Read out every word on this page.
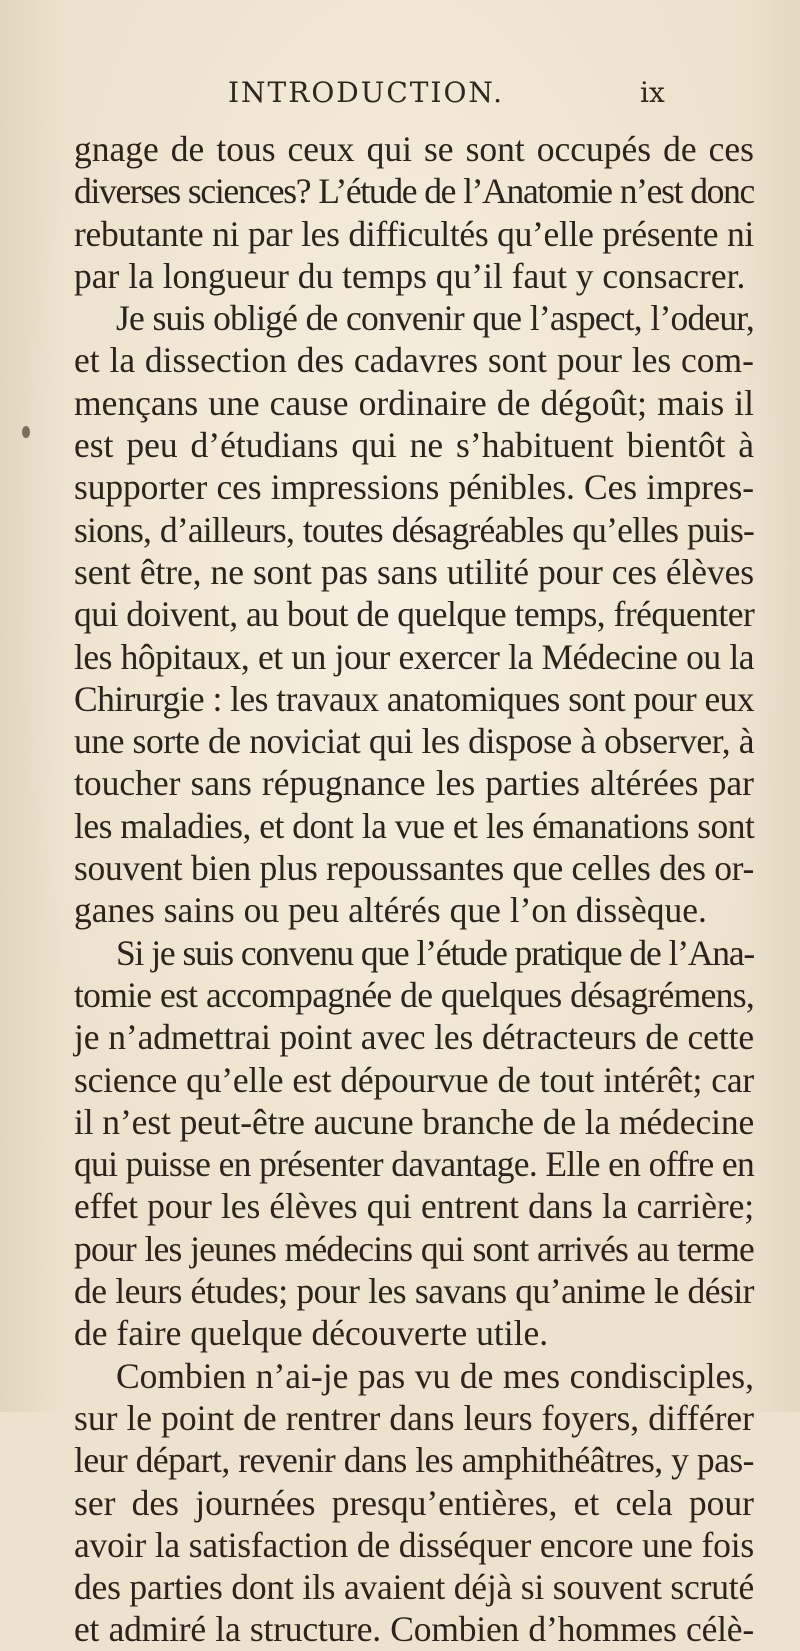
INTRODUCTION.	ix
gnage de tous ceux qui se sont occupés de ces
diverses sciences? L’étude de l’Anatomie n’est donc
rebutante ni par les difficultés qu’elle présente ni
par la longueur du temps qu’il faut y consacrer.
Je suis obligé de convenir que l’aspect, l’odeur,
et la dissection des cadavres sont pour les com-
mençans une cause ordinaire de dégoût; mais il
est peu d’étudians qui ne s’habituent bientôt à
supporter ces impressions pénibles. Ces impres-
sions, d’ailleurs, toutes désagréables qu’elles puis-
sent être, ne sont pas sans utilité pour ces élèves
qui doivent, au bout de quelque temps, fréquenter
les hôpitaux, et un jour exercer la Médecine ou la
Chirurgie : les travaux anatomiques sont pour eux
une sorte de noviciat qui les dispose à observer, à
toucher sans répugnance les parties altérées par
les maladies, et dont la vue et les émanations sont
souvent bien plus repoussantes que celles des or-
ganes sains ou peu altérés que l’on dissèque.
Si je suis convenu que l’étude pratique de l’Ana-
tomie est accompagnée de quelques désagrémens,
je n’admettrai point avec les détracteurs de cette
science qu’elle est dépourvue de tout intérêt; car
il n’est peut-être aucune branche de la médecine
qui puisse en présenter davantage. Elle en offre en
effet pour les élèves qui entrent dans la carrière;
pour les jeunes médecins qui sont arrivés au terme
de leurs études; pour les savans qu’anime le désir
de faire quelque découverte utile.
Combien n’ai-je pas vu de mes condisciples,
sur le point de rentrer dans leurs foyers, différer
leur départ, revenir dans les amphithéâtres, y pas-
ser des journées presqu’entières, et cela pour
avoir la satisfaction de disséquer encore une fois
des parties dont ils avaient déjà si souvent scruté
et admiré la structure. Combien d’hommes célè-
